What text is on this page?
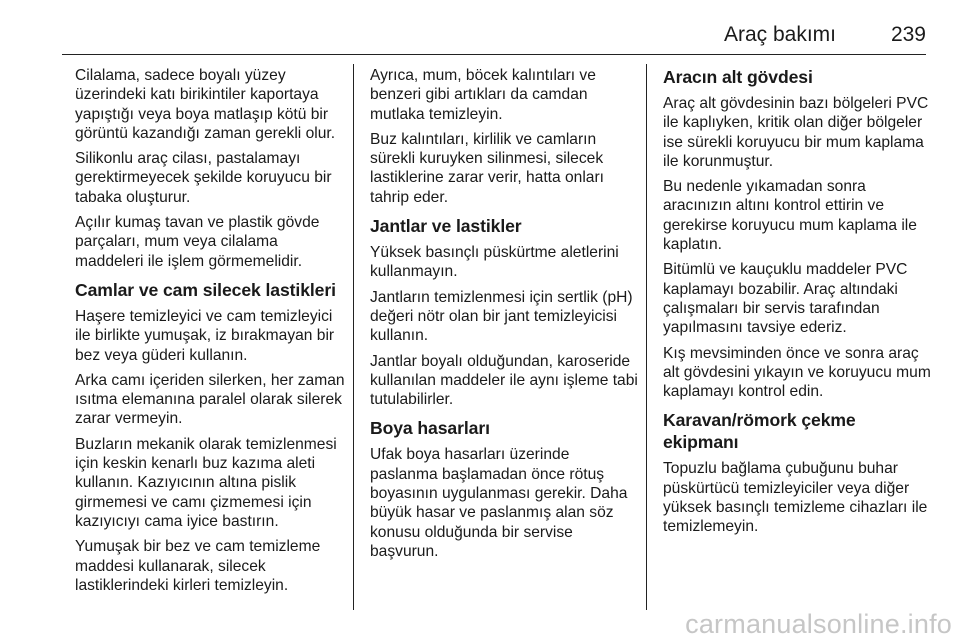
Araç bakımı	239

Cilalama, sadece boyalı yüzey üzerindeki katı birikintiler kaportaya yapıştığı veya boya matlaşıp kötü bir görüntü kazandığı zaman gerekli olur.

Silikonlu araç cilası, pastalamayı gerektirmeyecek şekilde koruyucu bir tabaka oluşturur.

Açılır kumaş tavan ve plastik gövde parçaları, mum veya cilalama maddeleri ile işlem görmemelidir.

Camlar ve cam silecek lastikleri

Haşere temizleyici ve cam temizleyici ile birlikte yumuşak, iz bırakmayan bir bez veya güderi kullanın.

Arka camı içeriden silerken, her zaman ısıtma elemanına paralel olarak silerek zarar vermeyin.

Buzların mekanik olarak temizlenmesi için keskin kenarlı buz kazıma aleti kullanın. Kazıyıcının altına pislik girmemesi ve camı çizmemesi için kazıyıcıyı cama iyice bastırın.

Yumuşak bir bez ve cam temizleme maddesi kullanarak, silecek lastiklerindeki kirleri temizleyin.

Ayrıca, mum, böcek kalıntıları ve benzeri gibi artıkları da camdan mutlaka temizleyin.

Buz kalıntıları, kirlilik ve camların sürekli kuruyken silinmesi, silecek lastiklerine zarar verir, hatta onları tahrip eder.

Jantlar ve lastikler

Yüksek basınçlı püskürtme aletlerini kullanmayın.

Jantların temizlenmesi için sertlik (pH) değeri nötr olan bir jant temizleyicisi kullanın.

Jantlar boyalı olduğundan, karoseride kullanılan maddeler ile aynı işleme tabi tutulabilirler.

Boya hasarları

Ufak boya hasarları üzerinde paslanma başlamadan önce rötuş boyasının uygulanması gerekir. Daha büyük hasar ve paslanmış alan söz konusu olduğunda bir servise başvurun.

Aracın alt gövdesi

Araç alt gövdesinin bazı bölgeleri PVC ile kaplıyken, kritik olan diğer bölgeler ise sürekli koruyucu bir mum kaplama ile korunmuştur.

Bu nedenle yıkamadan sonra aracınızın altını kontrol ettirin ve gerekirse koruyucu mum kaplama ile kaplatın.

Bitümlü ve kauçuklu maddeler PVC kaplamayı bozabilir. Araç altındaki çalışmaları bir servis tarafından yapılmasını tavsiye ederiz.

Kış mevsiminden önce ve sonra araç alt gövdesini yıkayın ve koruyucu mum kaplamayı kontrol edin.

Karavan/römork çekme ekipmanı

Topuzlu bağlama çubuğunu buhar püskürtücü temizleyiciler veya diğer yüksek basınçlı temizleme cihazları ile temizlemeyin.

carmanualsonline.info
